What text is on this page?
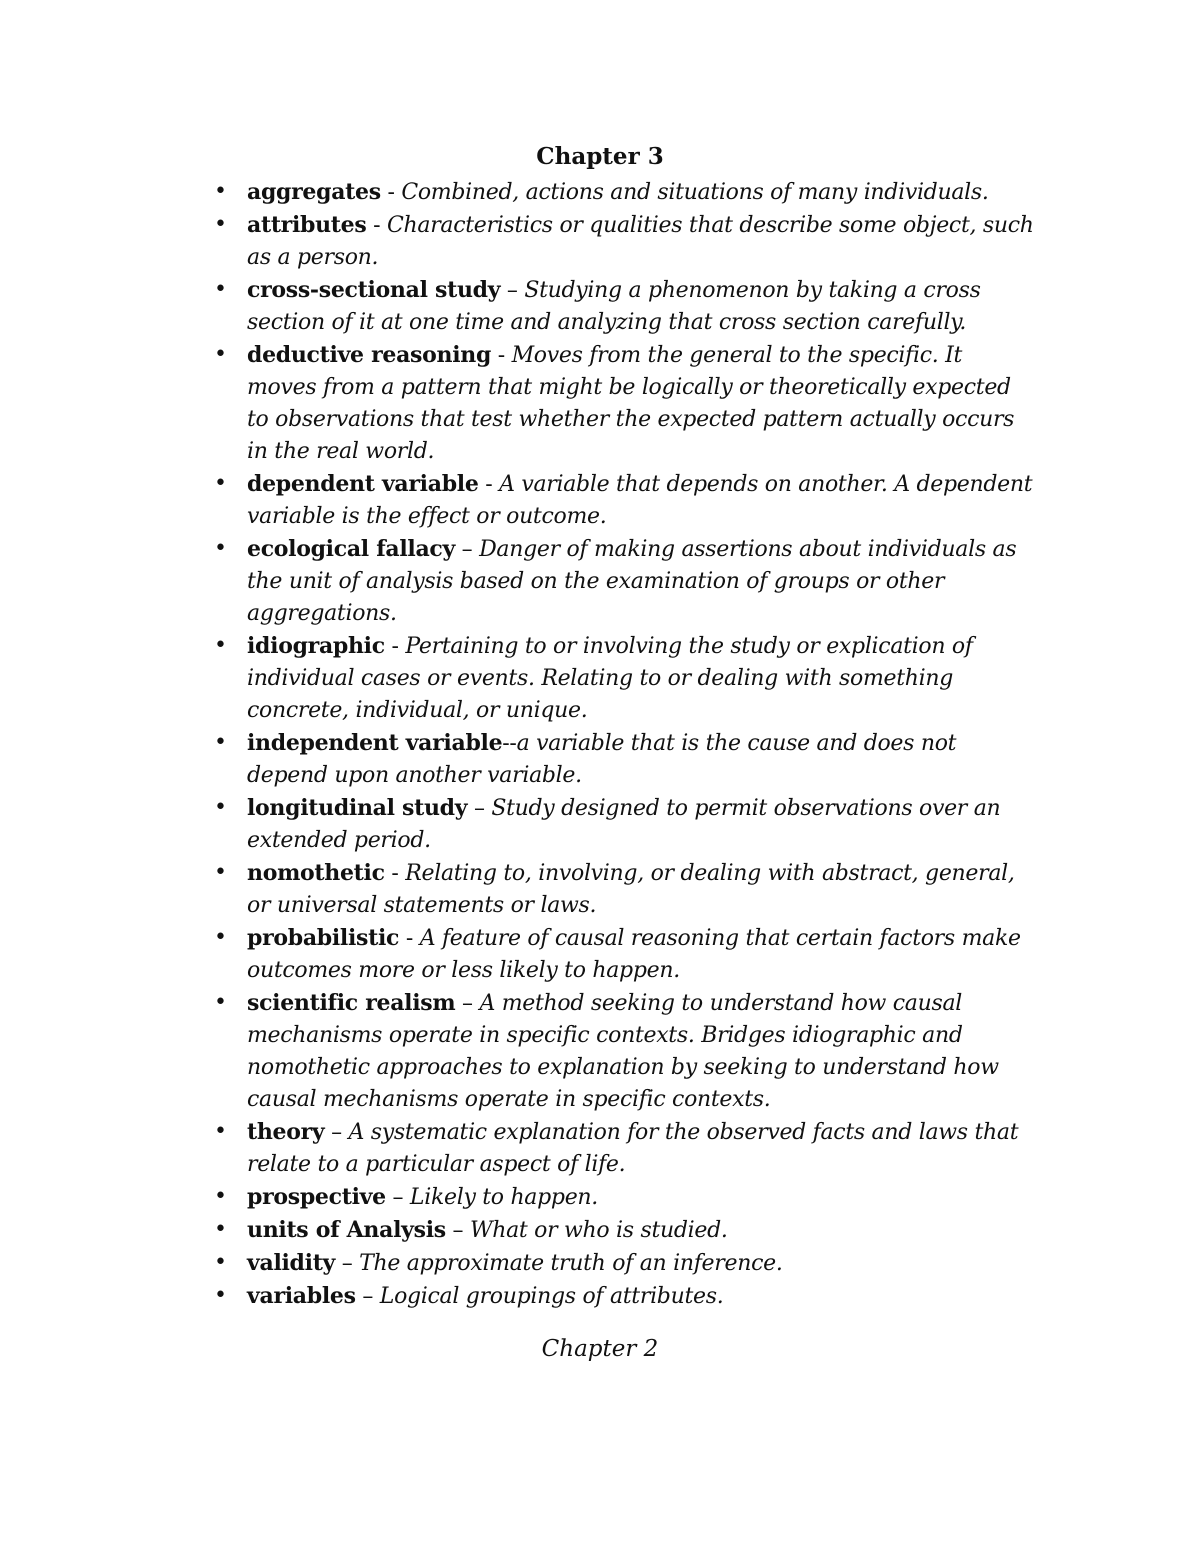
Chapter 3
• aggregates - Combined, actions and situations of many individuals.
• attributes - Characteristics or qualities that describe some object, such as a person.
• cross-sectional study – Studying a phenomenon by taking a cross section of it at one time and analyzing that cross section carefully.
• deductive reasoning - Moves from the general to the specific. It moves from a pattern that might be logically or theoretically expected to observations that test whether the expected pattern actually occurs in the real world.
• dependent variable - A variable that depends on another. A dependent variable is the effect or outcome.
• ecological fallacy – Danger of making assertions about individuals as the unit of analysis based on the examination of groups or other aggregations.
• idiographic - Pertaining to or involving the study or explication of individual cases or events. Relating to or dealing with something concrete, individual, or unique.
• independent variable--a variable that is the cause and does not depend upon another variable.
• longitudinal study – Study designed to permit observations over an extended period.
• nomothetic - Relating to, involving, or dealing with abstract, general, or universal statements or laws.
• probabilistic - A feature of causal reasoning that certain factors make outcomes more or less likely to happen.
• scientific realism – A method seeking to understand how causal mechanisms operate in specific contexts. Bridges idiographic and nomothetic approaches to explanation by seeking to understand how causal mechanisms operate in specific contexts.
• theory – A systematic explanation for the observed facts and laws that relate to a particular aspect of life.
• prospective – Likely to happen.
• units of Analysis – What or who is studied.
• validity – The approximate truth of an inference.
• variables – Logical groupings of attributes.
Chapter 2
